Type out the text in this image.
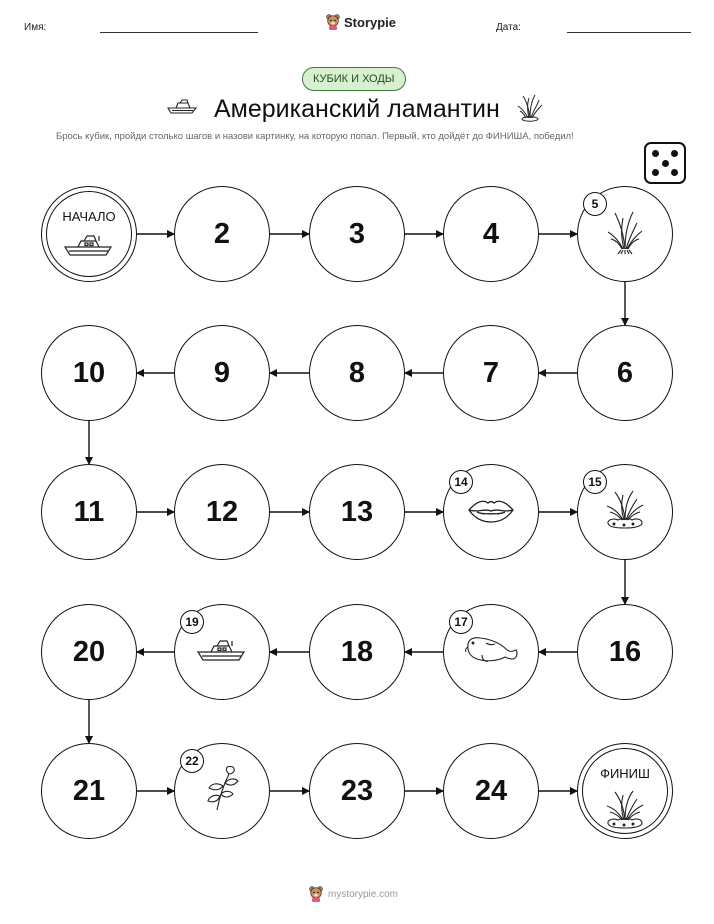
Имя:	Storypie	Дата:
КУБИК И ХОДЫ
Американский ламантин
Брось кубик, пройди столько шагов и назови картинку, на которую попал. Первый, кто дойдёт до ФИНИША, победил!
НАЧАЛО
2	3	4
5
6
7
8
9
10
11	12	13
14	15
16
17
18
19
20
21
22
23	24
ФИНИШ
mystorypie.com
